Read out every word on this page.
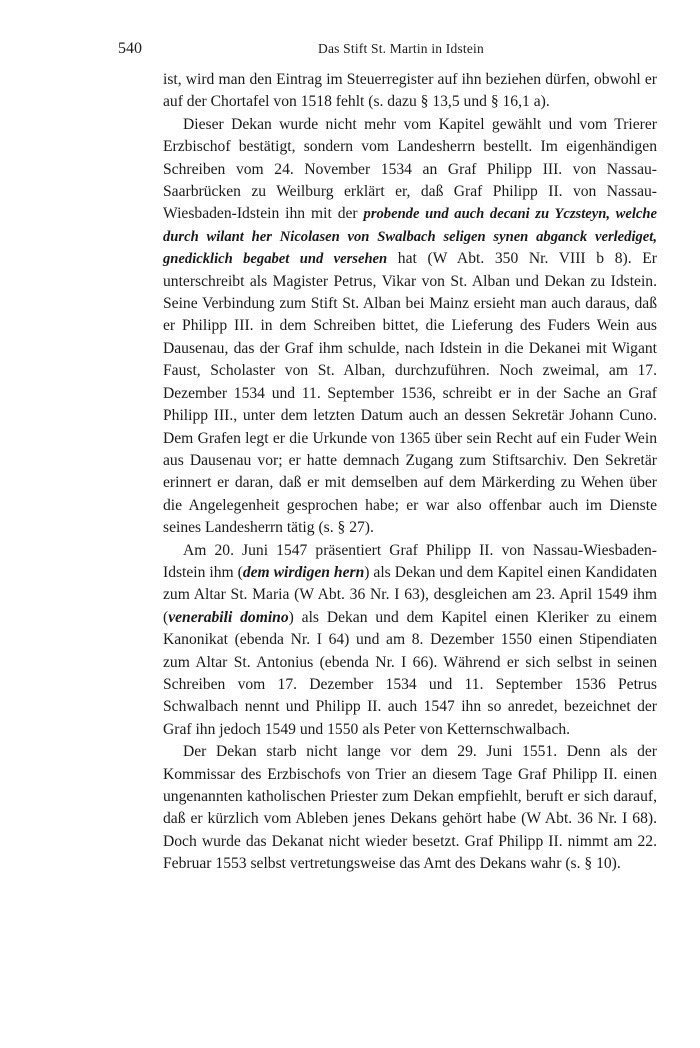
540	Das Stift St. Martin in Idstein

ist, wird man den Eintrag im Steuerregister auf ihn beziehen dürfen, obwohl er auf der Chortafel von 1518 fehlt (s. dazu § 13,5 und § 16,1 a).

Dieser Dekan wurde nicht mehr vom Kapitel gewählt und vom Trierer Erzbischof bestätigt, sondern vom Landesherrn bestellt. Im eigenhändigen Schreiben vom 24. November 1534 an Graf Philipp III. von Nassau-Saarbrücken zu Weilburg erklärt er, daß Graf Philipp II. von Nassau-Wiesbaden-Idstein ihn mit der probende und auch decani zu Yczsteyn, welche durch wilant her Nicolasen von Swalbach seligen synen abganck verlediget, gnedicklich begabet und versehen hat (W Abt. 350 Nr. VIII b 8). Er unterschreibt als Magister Petrus, Vikar von St. Alban und Dekan zu Idstein. Seine Verbindung zum Stift St. Alban bei Mainz ersieht man auch daraus, daß er Philipp III. in dem Schreiben bittet, die Lieferung des Fuders Wein aus Dausenau, das der Graf ihm schulde, nach Idstein in die Dekanei mit Wigant Faust, Scholaster von St. Alban, durchzuführen. Noch zweimal, am 17. Dezember 1534 und 11. September 1536, schreibt er in der Sache an Graf Philipp III., unter dem letzten Datum auch an dessen Sekretär Johann Cuno. Dem Grafen legt er die Urkunde von 1365 über sein Recht auf ein Fuder Wein aus Dausenau vor; er hatte demnach Zugang zum Stiftsarchiv. Den Sekretär erinnert er daran, daß er mit demselben auf dem Märkerding zu Wehen über die Angelegenheit gesprochen habe; er war also offenbar auch im Dienste seines Landesherrn tätig (s. § 27).

Am 20. Juni 1547 präsentiert Graf Philipp II. von Nassau-Wiesbaden-Idstein ihm (dem wirdigen hern) als Dekan und dem Kapitel einen Kandidaten zum Altar St. Maria (W Abt. 36 Nr. I 63), desgleichen am 23. April 1549 ihm (venerabili domino) als Dekan und dem Kapitel einen Kleriker zu einem Kanonikat (ebenda Nr. I 64) und am 8. Dezember 1550 einen Stipendiaten zum Altar St. Antonius (ebenda Nr. I 66). Während er sich selbst in seinen Schreiben vom 17. Dezember 1534 und 11. September 1536 Petrus Schwalbach nennt und Philipp II. auch 1547 ihn so anredet, bezeichnet der Graf ihn jedoch 1549 und 1550 als Peter von Ketternschwalbach.

Der Dekan starb nicht lange vor dem 29. Juni 1551. Denn als der Kommissar des Erzbischofs von Trier an diesem Tage Graf Philipp II. einen ungenannten katholischen Priester zum Dekan empfiehlt, beruft er sich darauf, daß er kürzlich vom Ableben jenes Dekans gehört habe (W Abt. 36 Nr. I 68). Doch wurde das Dekanat nicht wieder besetzt. Graf Philipp II. nimmt am 22. Februar 1553 selbst vertretungsweise das Amt des Dekans wahr (s. § 10).
